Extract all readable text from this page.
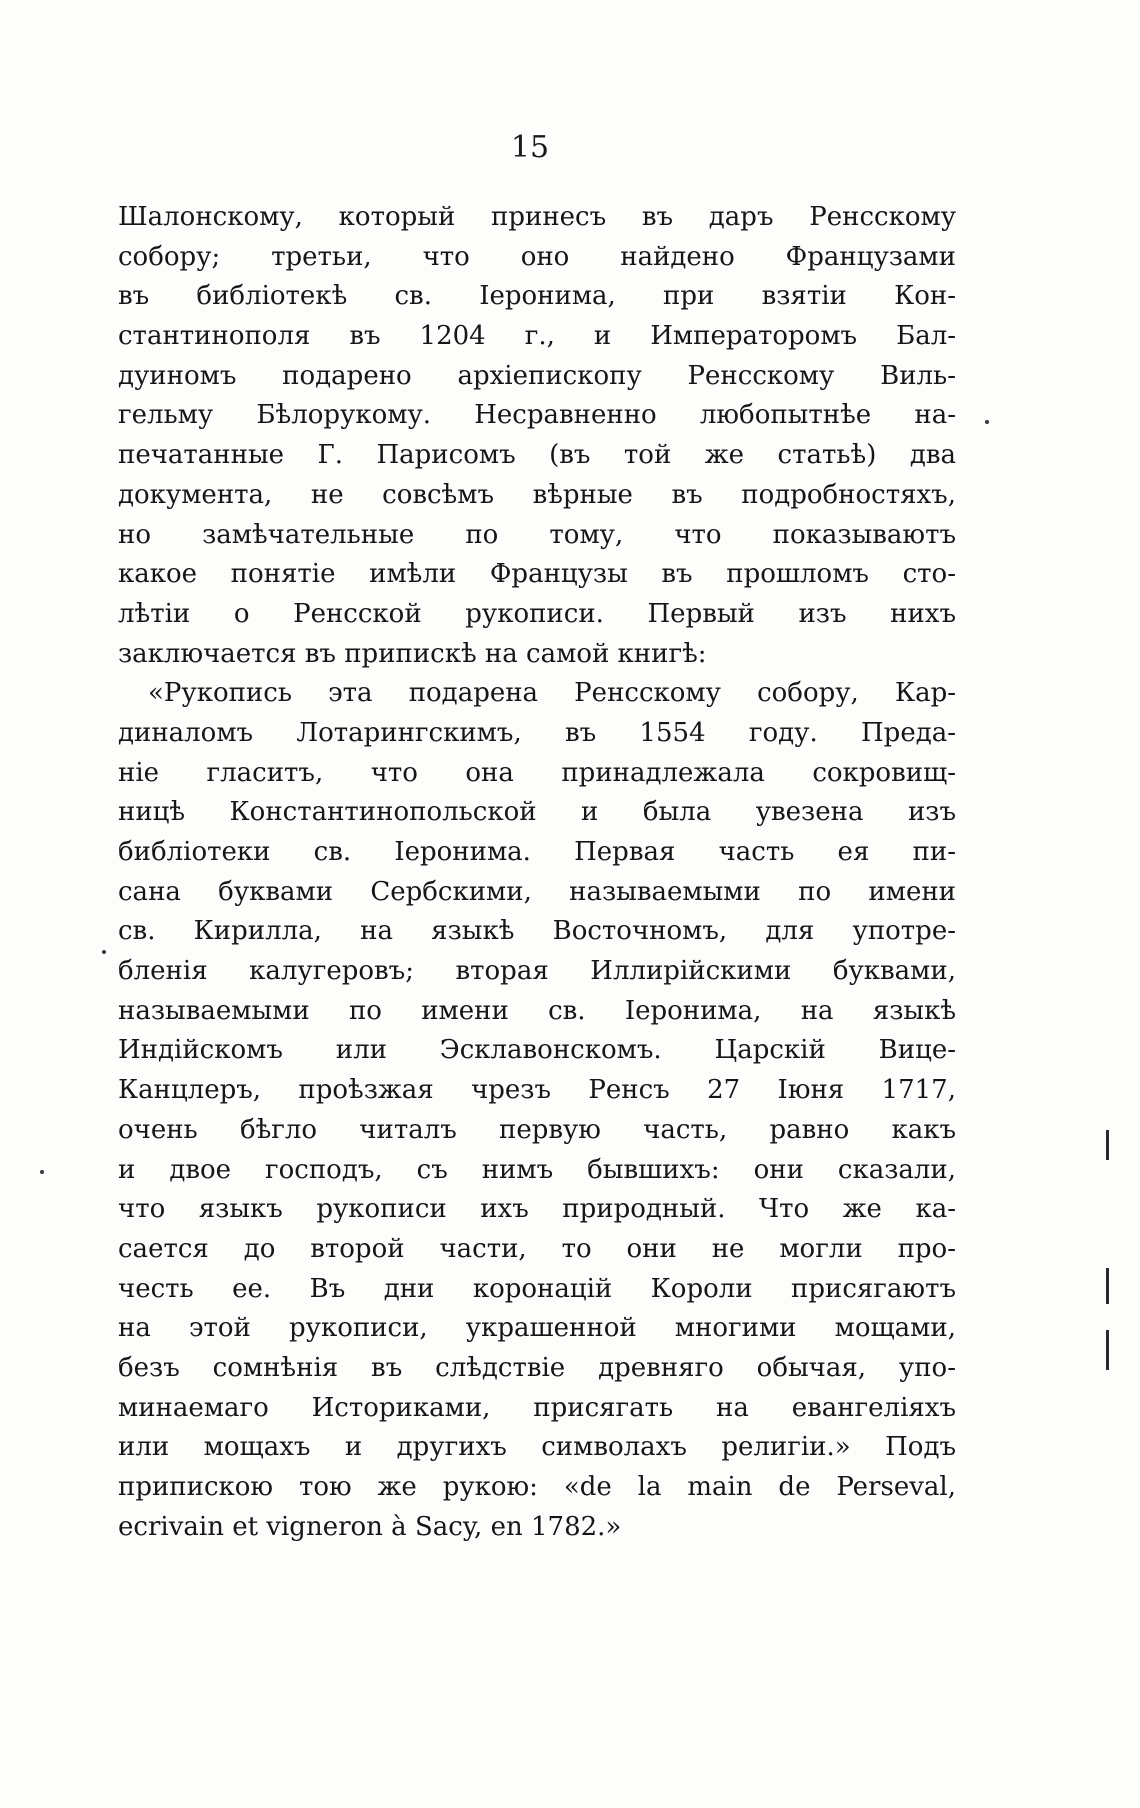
15
Шалонскому, который принесъ въ даръ Ренсскому
собору; третьи, что оно найдено Французами
въ библіотекѣ св. Іеронима, при взятіи Кон-
стантинополя въ 1204 г., и Императоромъ Бал-
дуиномъ подарено архіепископу Ренсскому Виль-
гельму Бѣлорукому. Несравненно любопытнѣе на-
печатанные Г. Парисомъ (въ той же статьѣ) два
документа, не совсѣмъ вѣрные въ подробностяхъ,
но замѣчательные по тому, что показываютъ
какое понятіе имѣли Французы въ прошломъ сто-
лѣтіи о Ренсской рукописи. Первый изъ нихъ
заключается въ припискѣ на самой книгѣ:
«Рукопись эта подарена Ренсскому собору, Кар-
диналомъ Лотарингскимъ, въ 1554 году. Преда-
ніе гласитъ, что она принадлежала сокровищ-
ницѣ Константинопольской и была увезена изъ
библіотеки св. Іеронима. Первая часть ея пи-
сана буквами Сербскими, называемыми по имени
св. Кирилла, на языкѣ Восточномъ, для употре-
бленія калугеровъ; вторая Иллирійскими буквами,
называемыми по имени св. Іеронима, на языкѣ
Индійскомъ или Эсклавонскомъ. Царскій Вице-
Канцлеръ, проѣзжая чрезъ Ренсъ 27 Іюня 1717,
очень бѣгло читалъ первую часть, равно какъ
и двое господъ, съ нимъ бывшихъ: они сказали,
что языкъ рукописи ихъ природный. Что же ка-
сается до второй части, то они не могли про-
честь ее. Въ дни коронацій Короли присягаютъ
на этой рукописи, украшенной многими мощами,
безъ сомнѣнія въ слѣдствіе древняго обычая, упо-
минаемаго Историками, присягать на евангеліяхъ
или мощахъ и другихъ символахъ религіи.» Подъ
припискою тою же рукою: «de la main de Perseval,
ecrivain et vigneron à Sacy, en 1782.»
